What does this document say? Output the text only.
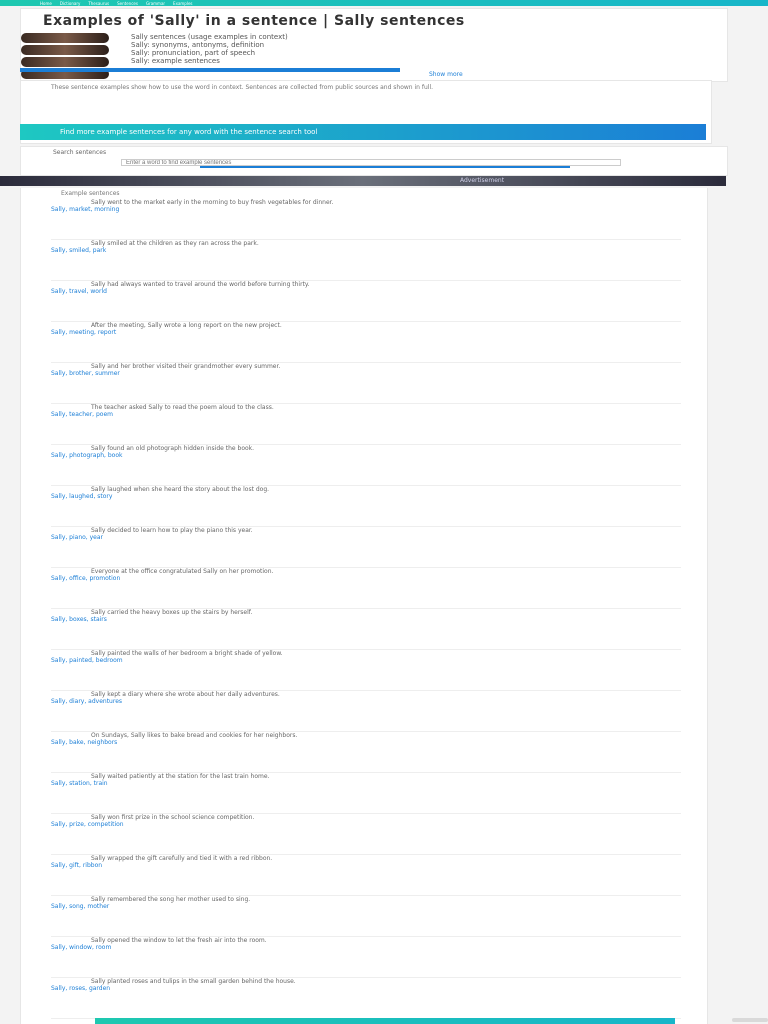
Home Dictionary Thesaurus Sentences Grammar Examples
Examples of 'Sally' in a sentence | Sally sentences
Sally sentences (usage examples in context)
Sally: synonyms, antonyms, definition
Sally: pronunciation, part of speech
Sally: example sentences
Show more
These sentence examples show how to use the word in context. Sentences are collected from public sources and shown in full.
Find more example sentences for any word with the sentence search tool
Search sentences
Enter a word to find example sentences
Advertisement
Example sentences
Sally went to the market early in the morning to buy fresh vegetables for dinner.
Sally, market, morning
Sally smiled at the children as they ran across the park.
Sally, smiled, park
Sally had always wanted to travel around the world before turning thirty.
Sally, travel, world
After the meeting, Sally wrote a long report on the new project.
Sally, meeting, report
Sally and her brother visited their grandmother every summer.
Sally, brother, summer
The teacher asked Sally to read the poem aloud to the class.
Sally, teacher, poem
Sally found an old photograph hidden inside the book.
Sally, photograph, book
Sally laughed when she heard the story about the lost dog.
Sally, laughed, story
Sally decided to learn how to play the piano this year.
Sally, piano, year
Everyone at the office congratulated Sally on her promotion.
Sally, office, promotion
Sally carried the heavy boxes up the stairs by herself.
Sally, boxes, stairs
Sally painted the walls of her bedroom a bright shade of yellow.
Sally, painted, bedroom
Sally kept a diary where she wrote about her daily adventures.
Sally, diary, adventures
On Sundays, Sally likes to bake bread and cookies for her neighbors.
Sally, bake, neighbors
Sally waited patiently at the station for the last train home.
Sally, station, train
Sally won first prize in the school science competition.
Sally, prize, competition
Sally wrapped the gift carefully and tied it with a red ribbon.
Sally, gift, ribbon
Sally remembered the song her mother used to sing.
Sally, song, mother
Sally opened the window to let the fresh air into the room.
Sally, window, room
Sally planted roses and tulips in the small garden behind the house.
Sally, roses, garden
